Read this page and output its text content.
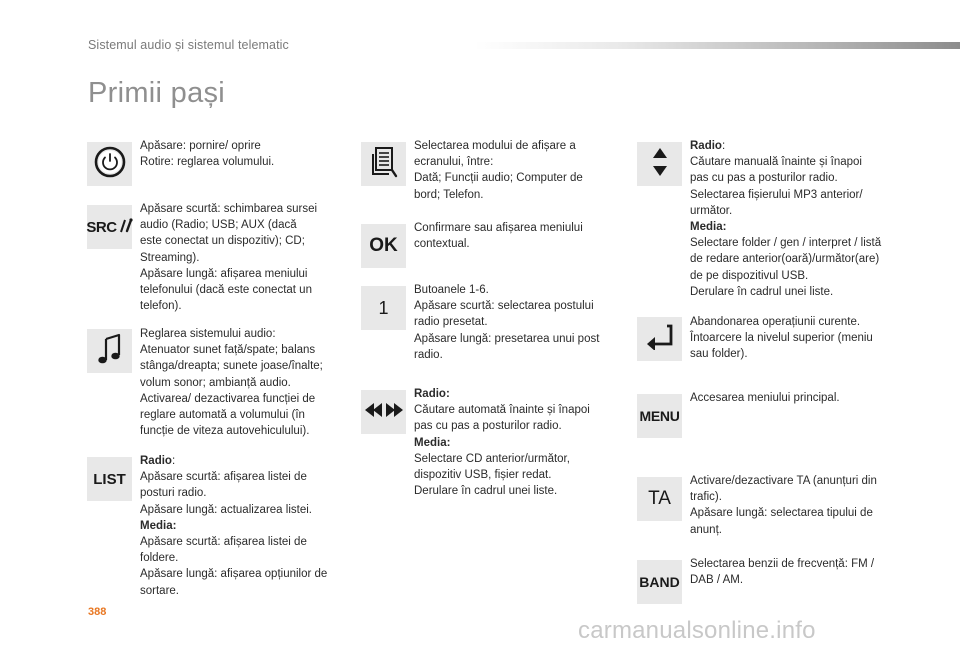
Sistemul audio și sistemul telematic
Primii pași
Apăsare: pornire/ oprire
Rotire: reglarea volumului.
SRC
Apăsare scurtă: schimbarea sursei
audio (Radio; USB; AUX (dacă
este conectat un dispozitiv); CD;
Streaming).
Apăsare lungă: afișarea meniului
telefonului (dacă este conectat un
telefon).
Reglarea sistemului audio:
Atenuator sunet față/spate; balans
stânga/dreapta; sunete joase/înalte;
volum sonor; ambianță audio.
Activarea/ dezactivarea funcției de
reglare automată a volumului (în
funcție de viteza autovehiculului).
LIST
Radio:
Apăsare scurtă: afișarea listei de
posturi radio.
Apăsare lungă: actualizarea listei.
Media:
Apăsare scurtă: afișarea listei de
foldere.
Apăsare lungă: afișarea opțiunilor de
sortare.
Selectarea modului de afișare a
ecranului, între:
Dată; Funcții audio; Computer de
bord; Telefon.
OK
Confirmare sau afișarea meniului
contextual.
1
Butoanele 1-6.
Apăsare scurtă: selectarea postului
radio presetat.
Apăsare lungă: presetarea unui post
radio.
Radio:
Căutare automată înainte și înapoi
pas cu pas a posturilor radio.
Media:
Selectare CD anterior/următor,
dispozitiv USB, fișier redat.
Derulare în cadrul unei liste.
Radio:
Căutare manuală înainte și înapoi
pas cu pas a posturilor radio.
Selectarea fișierului MP3 anterior/
următor.
Media:
Selectare folder / gen / interpret / listă
de redare anterior(oară)/următor(are)
de pe dispozitivul USB.
Derulare în cadrul unei liste.
Abandonarea operațiunii curente.
Întoarcere la nivelul superior (meniu
sau folder).
MENU
Accesarea meniului principal.
TA
Activare/dezactivare TA (anunțuri din
trafic).
Apăsare lungă: selectarea tipului de
anunț.
BAND
Selectarea benzii de frecvență: FM /
DAB / AM.
388
carmanualsonline.info
